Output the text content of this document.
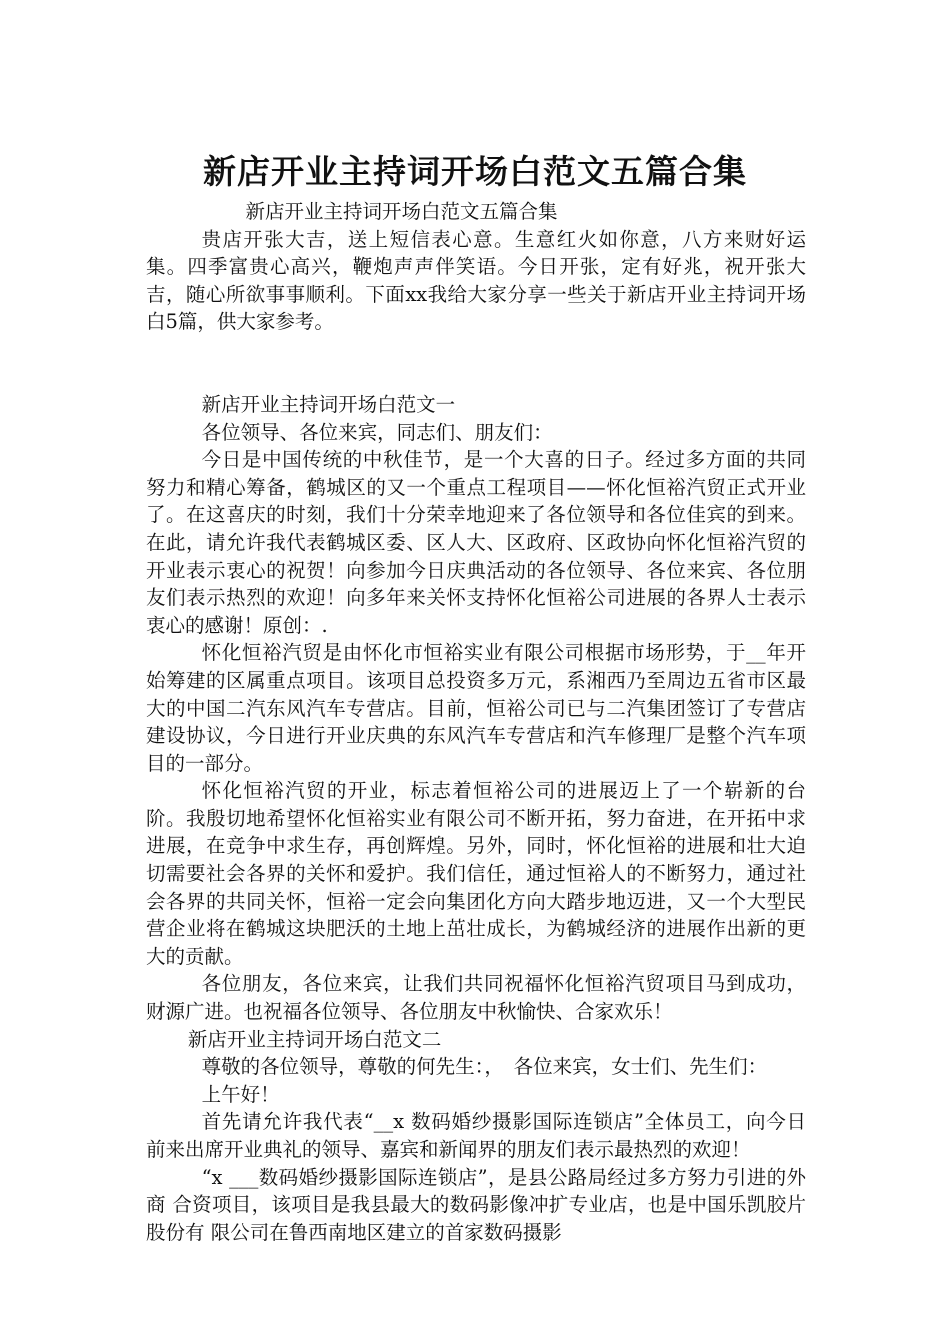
新店开业主持词开场白范文五篇合集

新店开业主持词开场白范文五篇合集

贵店开张大吉，送上短信表心意。生意红火如你意，八方来财好运集。四季富贵心高兴，鞭炮声声伴笑语。今日开张，定有好兆，祝开张大吉，随心所欲事事顺利。下面xx我给大家分享一些关于新店开业主持词开场白5篇，供大家参考。

新店开业主持词开场白范文一

各位领导、各位来宾，同志们、朋友们：

今日是中国传统的中秋佳节，是一个大喜的日子。经过多方面的共同努力和精心筹备，鹤城区的又一个重点工程项目——怀化恒裕汽贸正式开业了。在这喜庆的时刻，我们十分荣幸地迎来了各位领导和各位佳宾的到来。在此，请允许我代表鹤城区委、区人大、区政府、区政协向怀化恒裕汽贸的开业表示衷心的祝贺！向参加今日庆典活动的各位领导、各位来宾、各位朋友们表示热烈的欢迎！向多年来关怀支持怀化恒裕公司进展的各界人士表示衷心的感谢！原创：.

怀化恒裕汽贸是由怀化市恒裕实业有限公司根据市场形势，于__年开始筹建的区属重点项目。该项目总投资多万元，系湘西乃至周边五省市区最大的中国二汽东风汽车专营店。目前，恒裕公司已与二汽集团签订了专营店建设协议，今日进行开业庆典的东风汽车专营店和汽车修理厂是整个汽车项目的一部分。

怀化恒裕汽贸的开业，标志着恒裕公司的进展迈上了一个崭新的台阶。我殷切地希望怀化恒裕实业有限公司不断开拓，努力奋进，在开拓中求进展，在竞争中求生存，再创辉煌。另外，同时，怀化恒裕的进展和壮大迫切需要社会各界的关怀和爱护。我们信任，通过恒裕人的不断努力，通过社会各界的共同关怀，恒裕一定会向集团化方向大踏步地迈进，又一个大型民营企业将在鹤城这块肥沃的土地上茁壮成长，为鹤城经济的进展作出新的更大的贡献。

各位朋友，各位来宾，让我们共同祝福怀化恒裕汽贸项目马到成功，财源广进。也祝福各位领导、各位朋友中秋愉快、合家欢乐！

新店开业主持词开场白范文二

尊敬的各位领导，尊敬的何先生：，　各位来宾，女士们、先生们：

上午好！

首先请允许我代表“__x 数码婚纱摄影国际连锁店”全体员工，向今日 前来出席开业典礼的领导、嘉宾和新闻界的朋友们表示最热烈的欢迎！

“x ___数码婚纱摄影国际连锁店”，是县公路局经过多方努力引进的外商 合资项目，该项目是我县最大的数码影像冲扩专业店，也是中国乐凯胶片股份有 限公司在鲁西南地区建立的首家数码摄影
